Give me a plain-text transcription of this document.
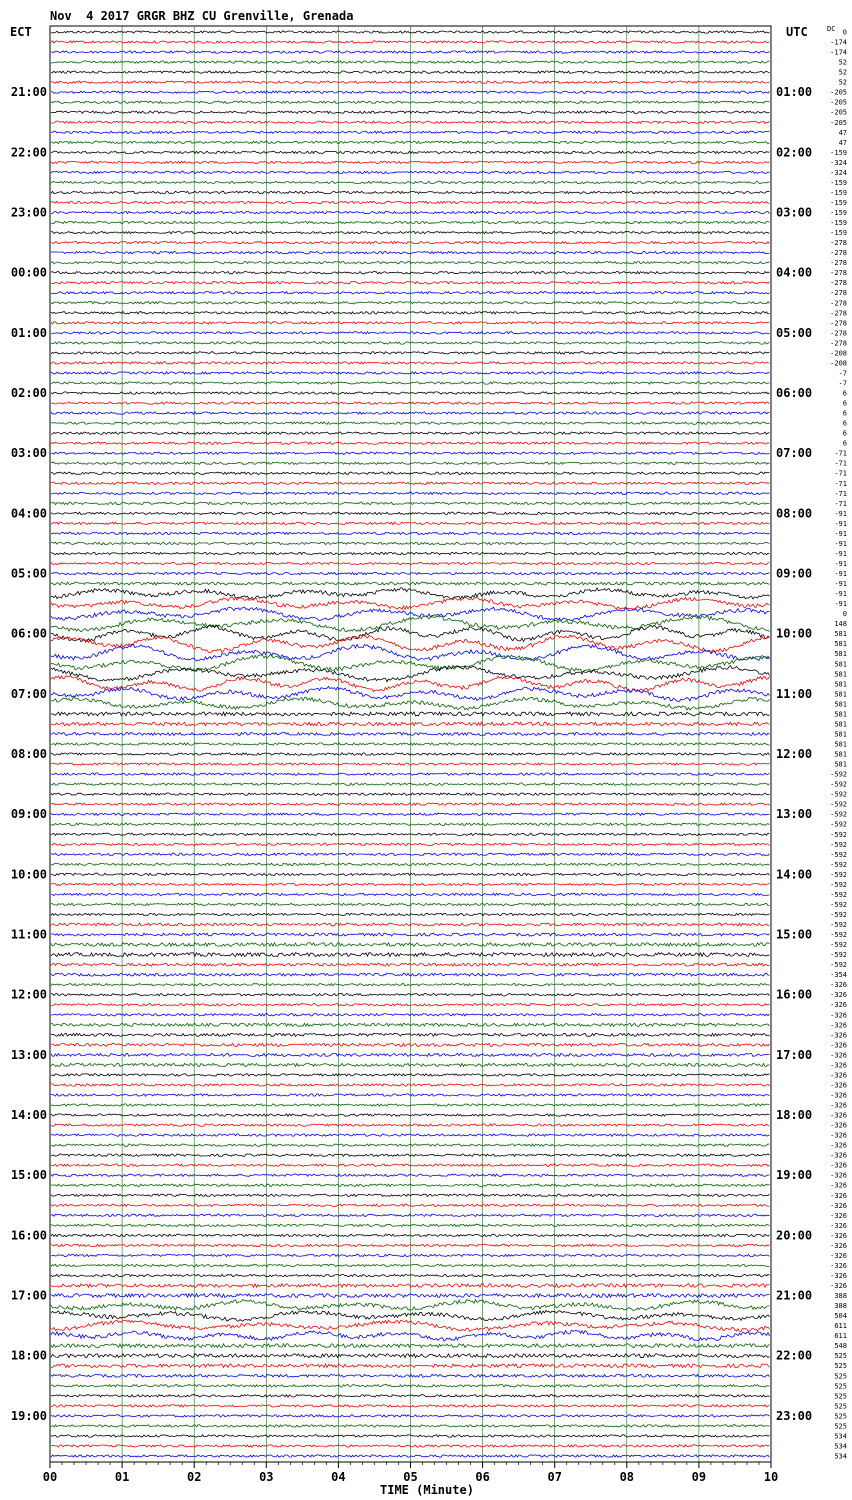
Nov  4 2017 GRGR BHZ CU Grenville, Grenada
ECT	UTC	DC
TIME (Minute)
00	01	02	03	04	05	06	07	08	09	10
21:00
22:00
23:00
00:00
01:00
02:00
03:00
04:00
05:00
06:00
07:00
08:00
09:00
10:00
11:00
12:00
13:00
14:00
15:00
16:00
17:00
18:00
19:00
01:00
02:00
03:00
04:00
05:00
06:00
07:00
08:00
09:00
10:00
11:00
12:00
13:00
14:00
15:00
16:00
17:00
18:00
19:00
20:00
21:00
22:00
23:00
0
-174
-174
52
52
52
-205
-205
-205
-205
47
47
-159
-324
-324
-159
-159
-159
-159
-159
-159
-278
-278
-278
-278
-278
-278
-278
-278
-278
-278
-278
-208
-208
-7
-7
6
6
6
6
6
6
-71
-71
-71
-71
-71
-71
-91
-91
-91
-91
-91
-91
-91
-91
-91
-91
0
148
581
581
581
581
581
581
581
581
581
581
581
581
581
581
-592
-592
-592
-592
-592
-592
-592
-592
-592
-592
-592
-592
-592
-592
-592
-592
-592
-592
-592
-592
-354
-326
-326
-326
-326
-326
-326
-326
-326
-326
-326
-326
-326
-326
-326
-326
-326
-326
-326
-326
-326
-326
-326
-326
-326
-326
-326
-326
-326
-326
-326
-326
388
388
504
611
611
548
525
525
525
525
525
525
525
525
534
534
534
